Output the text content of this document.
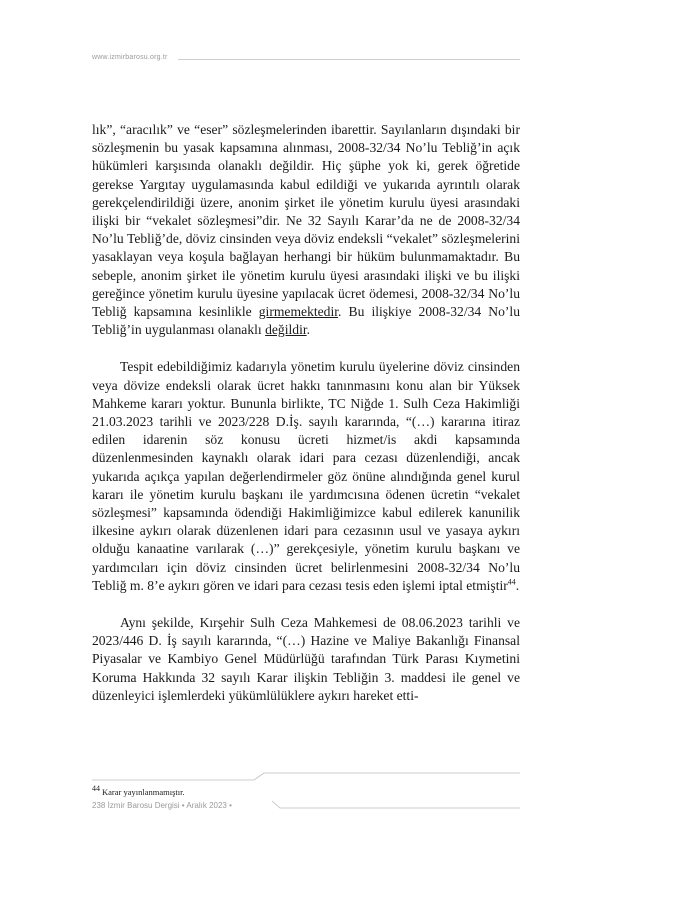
www.izmirbarosu.org.tr

lık”, “aracılık” ve “eser” sözleşmelerinden ibarettir. Sayılanların dışındaki bir sözleşmenin bu yasak kapsamına alınması, 2008-32/34 No’lu Tebliğ’in açık hükümleri karşısında olanaklı değildir. Hiç şüphe yok ki, gerek öğretide gerekse Yargıtay uygulamasında kabul edildiği ve yukarıda ayrıntılı olarak gerekçelendirildiği üzere, anonim şirket ile yönetim kurulu üyesi arasındaki ilişki bir “vekalet sözleşmesi”dir. Ne 32 Sayılı Karar’da ne de 2008-32/34 No’lu Tebliğ’de, döviz cinsinden veya döviz endeksli “vekalet” sözleşmelerini yasaklayan veya koşula bağlayan herhangi bir hüküm bulunmamaktadır. Bu sebeple, anonim şirket ile yönetim kurulu üyesi arasındaki ilişki ve bu ilişki gereğince yönetim kurulu üyesine yapılacak ücret ödemesi, 2008-32/34 No’lu Tebliğ kapsamına kesinlikle girmemektedir. Bu ilişkiye 2008-32/34 No’lu Tebliğ’in uygulanması olanaklı değildir.

Tespit edebildiğimiz kadarıyla yönetim kurulu üyelerine döviz cinsinden veya dövize endeksli olarak ücret hakkı tanınmasını konu alan bir Yüksek Mahkeme kararı yoktur. Bununla birlikte, TC Niğde 1. Sulh Ceza Hakimliği 21.03.2023 tarihli ve 2023/228 D.İş. sayılı kararında, “(…) kararına itiraz edilen idarenin söz konusu ücreti hizmet/is akdi kapsamında düzenlenmesinden kaynaklı olarak idari para cezası düzenlendiği, ancak yukarıda açıkça yapılan değerlendirmeler göz önüne alındığında genel kurul kararı ile yönetim kurulu başkanı ile yardımcısına ödenen ücretin “vekalet sözleşmesi” kapsamında ödendiği Hakimliğimizce kabul edilerek kanunilik ilkesine aykırı olarak düzenlenen idari para cezasının usul ve yasaya aykırı olduğu kanaatine varılarak (…)” gerekçesiyle, yönetim kurulu başkanı ve yardımcıları için döviz cinsinden ücret belirlenmesini 2008-32/34 No’lu Tebliğ m. 8’e aykırı gören ve idari para cezası tesis eden işlemi iptal etmiştir$^{44}$.

Aynı şekilde, Kırşehir Sulh Ceza Mahkemesi de 08.06.2023 tarihli ve 2023/446 D. İş sayılı kararında, “(…) Hazine ve Maliye Bakanlığı Finansal Piyasalar ve Kambiyo Genel Müdürlüğü tarafından Türk Parası Kıymetini Koruma Hakkında 32 sayılı Karar ilişkin Tebliğin 3. maddesi ile genel ve düzenleyici işlemlerdeki yükümlülüklere aykırı hareket etti-

44 Karar yayınlanmamıştır.
238 İzmir Barosu Dergisi • Aralık 2023 •
